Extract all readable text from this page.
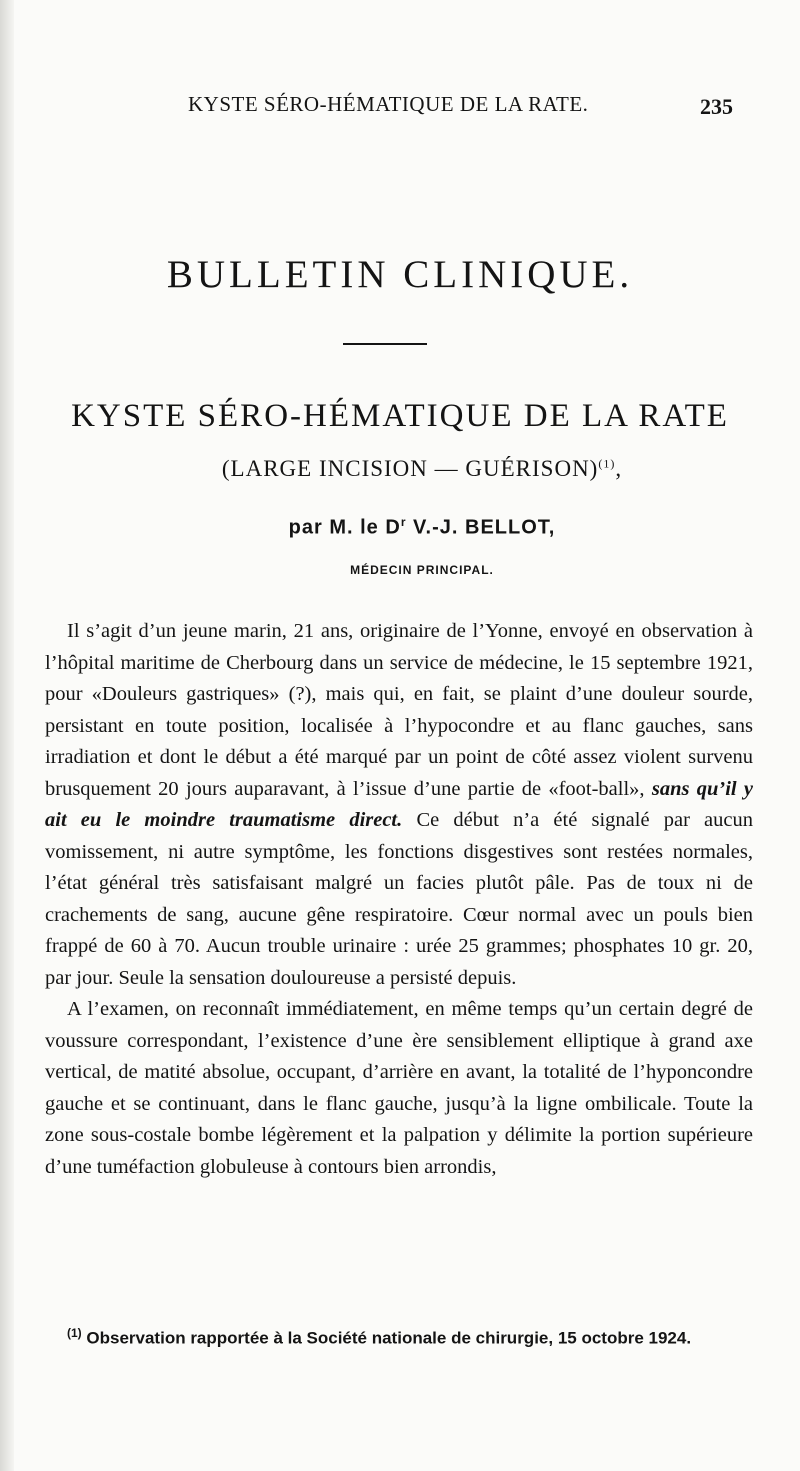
KYSTE SÉRO-HÉMATIQUE DE LA RATE.	235
BULLETIN CLINIQUE.
KYSTE SÉRO-HÉMATIQUE DE LA RATE
(LARGE INCISION — GUÉRISON)$^{(1)}$,
par M. le $D^r$ V.-J. BELLOT,
MÉDECIN PRINCIPAL.

Il s’agit d’un jeune marin, 21 ans, originaire de l’Yonne, envoyé en observation à l’hôpital maritime de Cherbourg dans un service de médecine, le 15 septembre 1921, pour «Douleurs gastriques» (?), mais qui, en fait, se plaint d’une douleur sourde, persistant en toute position, localisée à l’hypocondre et au flanc gauches, sans irradiation et dont le début a été marqué par un point de côté assez violent survenu brusquement 20 jours auparavant, à l’issue d’une partie de «foot-ball», sans qu’il y ait eu le moindre traumatisme direct. Ce début n’a été signalé par aucun vomissement, ni autre symptôme, les fonctions disgestives sont restées normales, l’état général très satisfaisant malgré un facies plutôt pâle. Pas de toux ni de crachements de sang, aucune gêne respiratoire. Cœur normal avec un pouls bien frappé de 60 à 70. Aucun trouble urinaire : urée 25 grammes; phosphates 10 gr. 20, par jour. Seule la sensation douloureuse a persisté depuis.

A l’examen, on reconnaît immédiatement, en même temps qu’un certain degré de voussure correspondant, l’existence d’une ère sensiblement elliptique à grand axe vertical, de matité absolue, occupant, d’arrière en avant, la totalité de l’hyponcondre gauche et se continuant, dans le flanc gauche, jusqu’à la ligne ombilicale. Toute la zone sous-costale bombe légèrement et la palpation y délimite la portion supérieure d’une tuméfaction globuleuse à contours bien arrondis,

$^{(1)}$ Observation rapportée à la Société nationale de chirurgie, 15 octobre 1924.
